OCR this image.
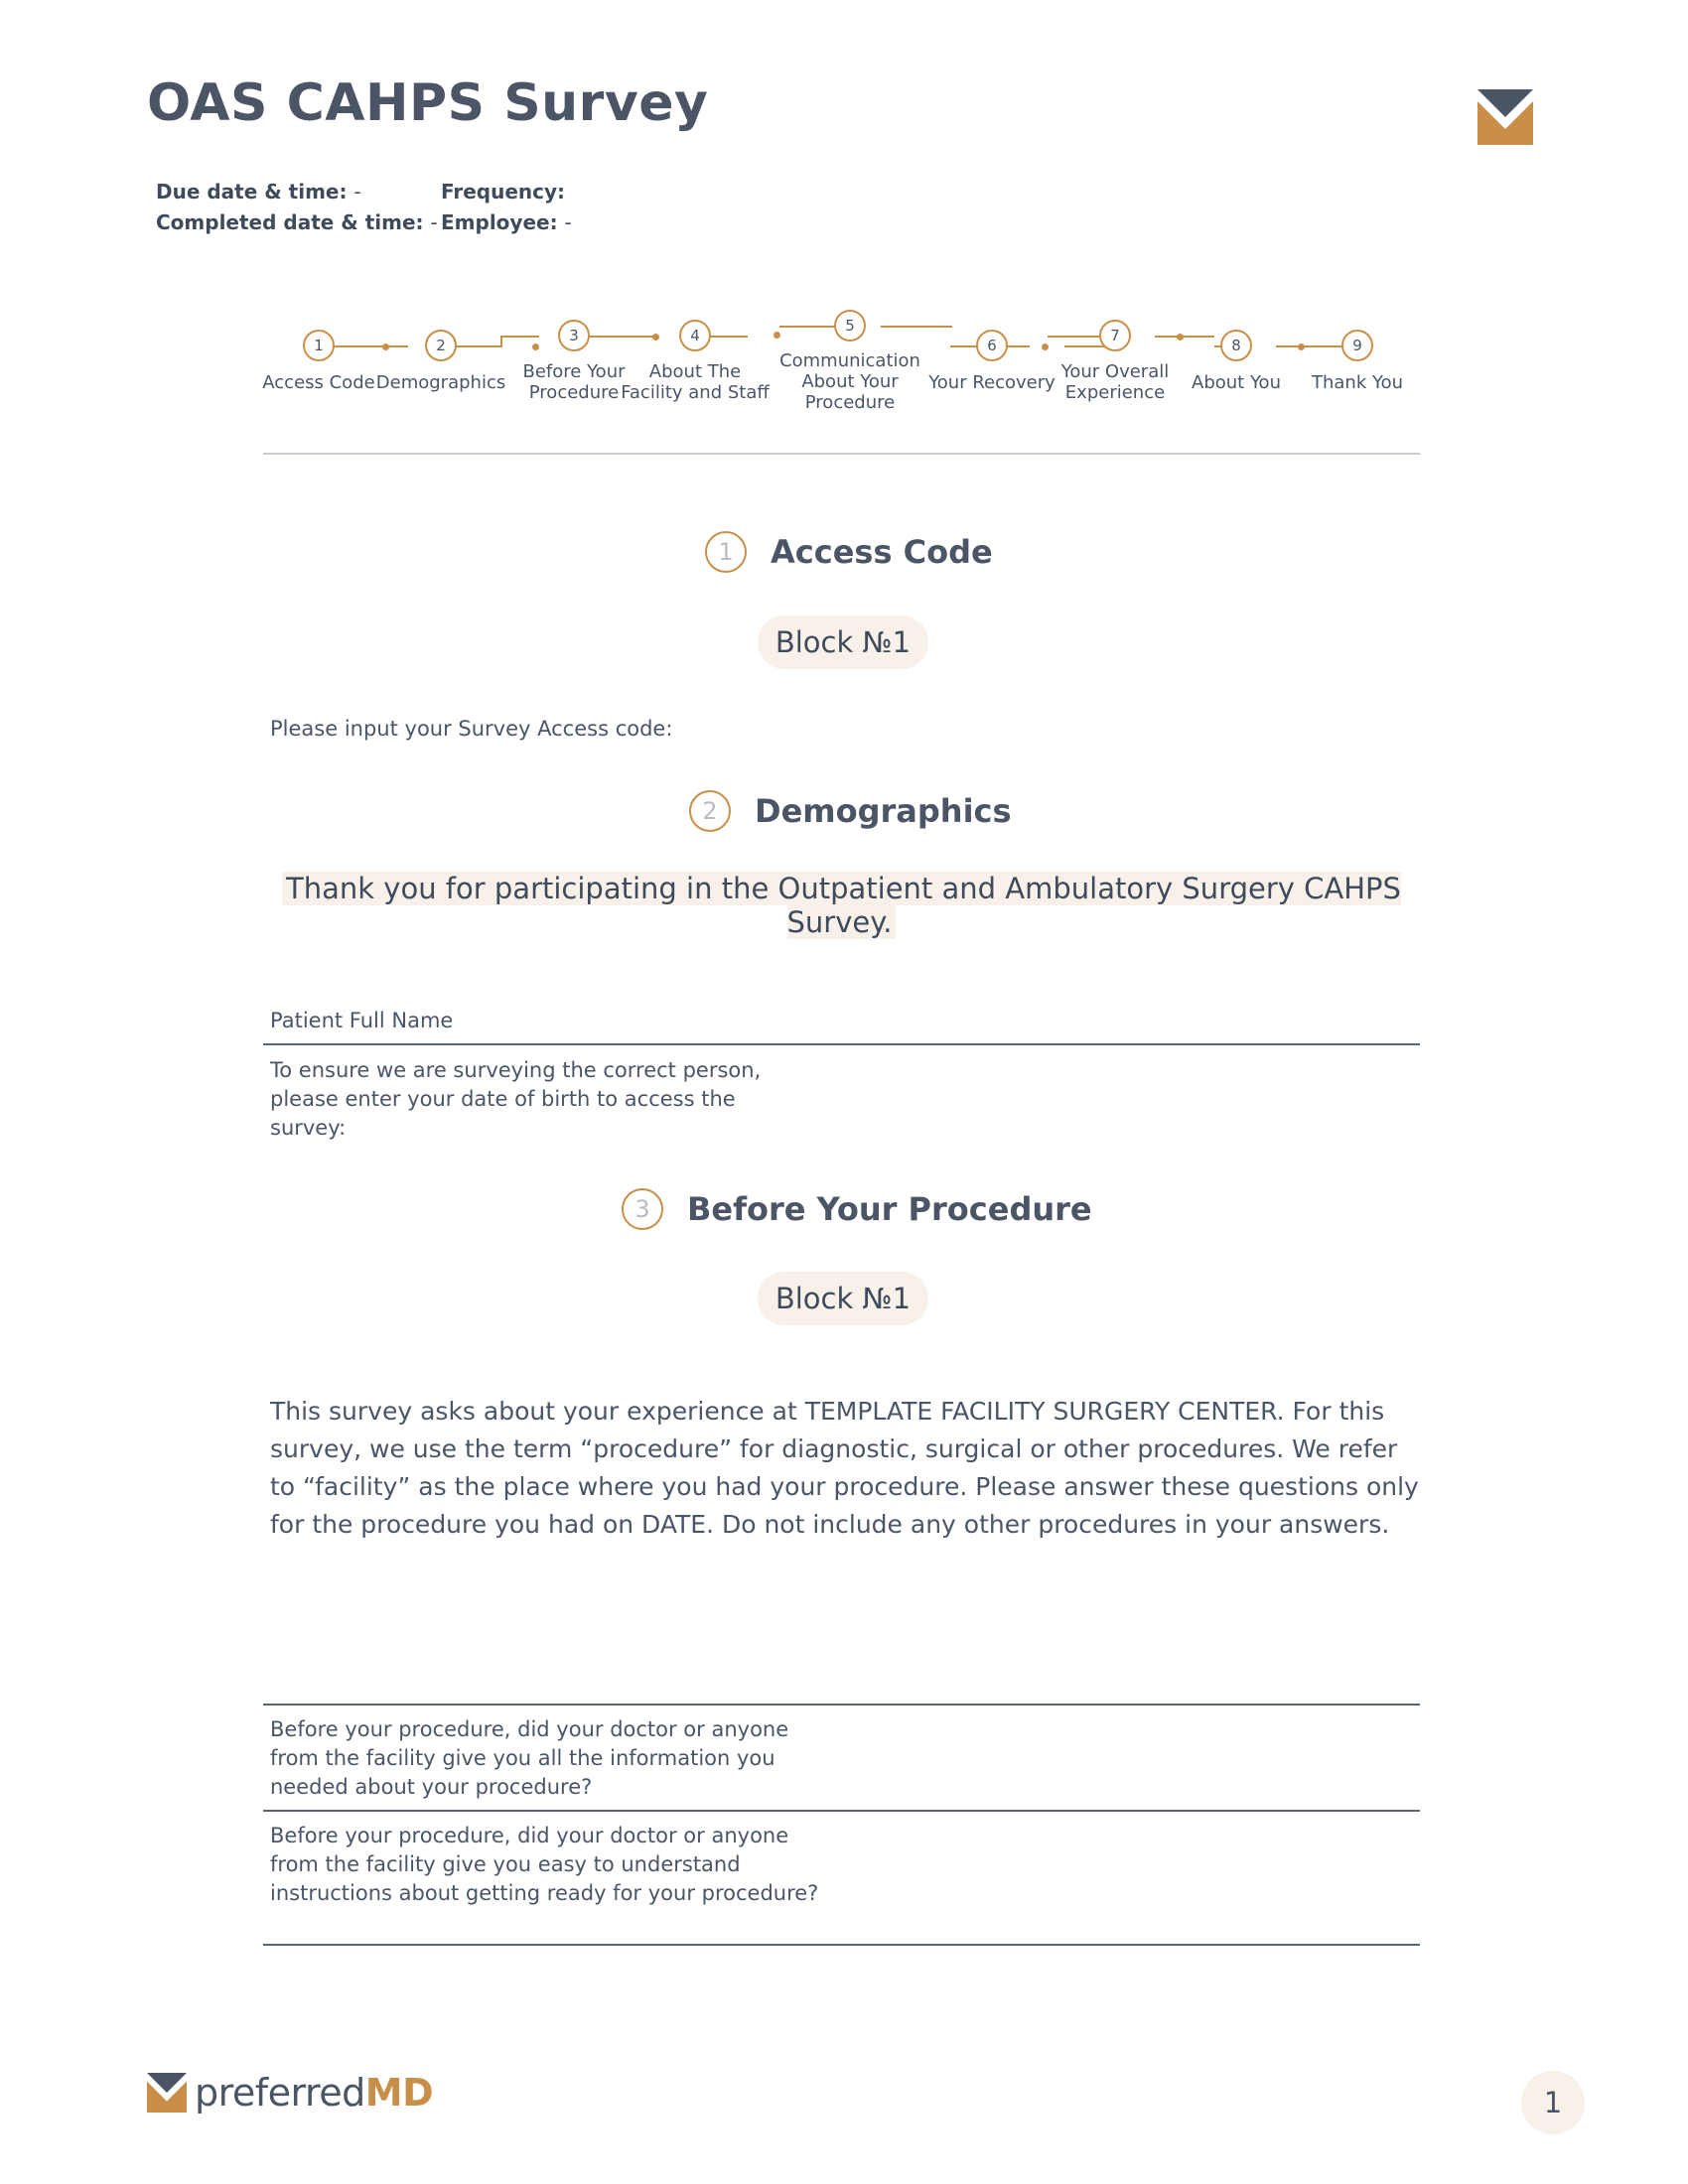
OAS CAHPS Survey
Due date & time: -
Completed date & time: -
Frequency:
Employee: -
1	2
3	4
5
6
7
8	9
Access Code Demographics
Before Your Procedure
About The Facility and Staff
Communication About Your Procedure
Your Recovery
Your Overall Experience	About You	Thank You
1	Access Code
Block №1
Please input your Survey Access code:
2	Demographics
Thank you for participating in the Outpatient and Ambulatory Surgery CAHPS Survey.
Patient Full Name
To ensure we are surveying the correct person, please enter your date of birth to access the survey:
3	Before Your Procedure
Block №1
This survey asks about your experience at TEMPLATE FACILITY SURGERY CENTER. For this survey, we use the term “procedure” for diagnostic, surgical or other procedures. We refer to “facility” as the place where you had your procedure. Please answer these questions only for the procedure you had on DATE. Do not include any other procedures in your answers.
Before your procedure, did your doctor or anyone from the facility give you all the information you needed about your procedure?
Before your procedure, did your doctor or anyone from the facility give you easy to understand instructions about getting ready for your procedure?
preferredMD	1
